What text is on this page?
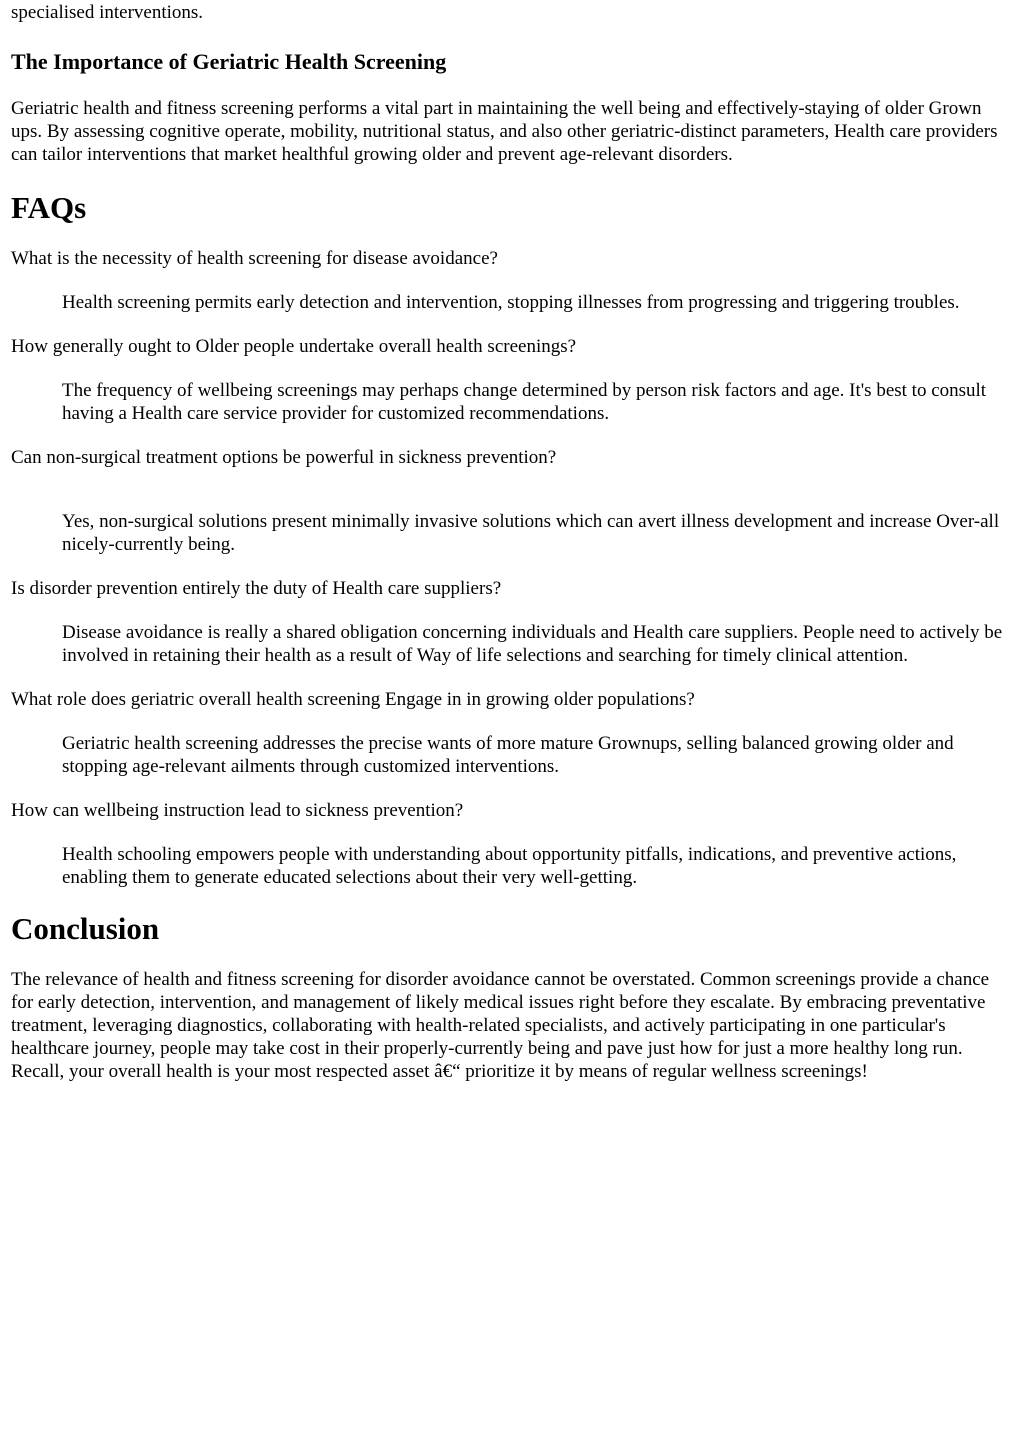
specialised interventions.

The Importance of Geriatric Health Screening

Geriatric health and fitness screening performs a vital part in maintaining the well being and effectively-staying of older Grown ups. By assessing cognitive operate, mobility, nutritional status, and also other geriatric-distinct parameters, Health care providers can tailor interventions that market healthful growing older and prevent age-relevant disorders.

FAQs

What is the necessity of health screening for disease avoidance?

Health screening permits early detection and intervention, stopping illnesses from progressing and triggering troubles.

How generally ought to Older people undertake overall health screenings?

The frequency of wellbeing screenings may perhaps change determined by person risk factors and age. It's best to consult having a Health care service provider for customized recommendations.

Can non-surgical treatment options be powerful in sickness prevention?

Yes, non-surgical solutions present minimally invasive solutions which can avert illness development and increase Over-all nicely-currently being.

Is disorder prevention entirely the duty of Health care suppliers?

Disease avoidance is really a shared obligation concerning individuals and Health care suppliers. People need to actively be involved in retaining their health as a result of Way of life selections and searching for timely clinical attention.

What role does geriatric overall health screening Engage in in growing older populations?

Geriatric health screening addresses the precise wants of more mature Grownups, selling balanced growing older and stopping age-relevant ailments through customized interventions.

How can wellbeing instruction lead to sickness prevention?

Health schooling empowers people with understanding about opportunity pitfalls, indications, and preventive actions, enabling them to generate educated selections about their very well-getting.

Conclusion

The relevance of health and fitness screening for disorder avoidance cannot be overstated. Common screenings provide a chance for early detection, intervention, and management of likely medical issues right before they escalate. By embracing preventative treatment, leveraging diagnostics, collaborating with health-related specialists, and actively participating in one particular's healthcare journey, people may take cost in their properly-currently being and pave just how for just a more healthy long run. Recall, your overall health is your most respected asset â€“ prioritize it by means of regular wellness screenings!
